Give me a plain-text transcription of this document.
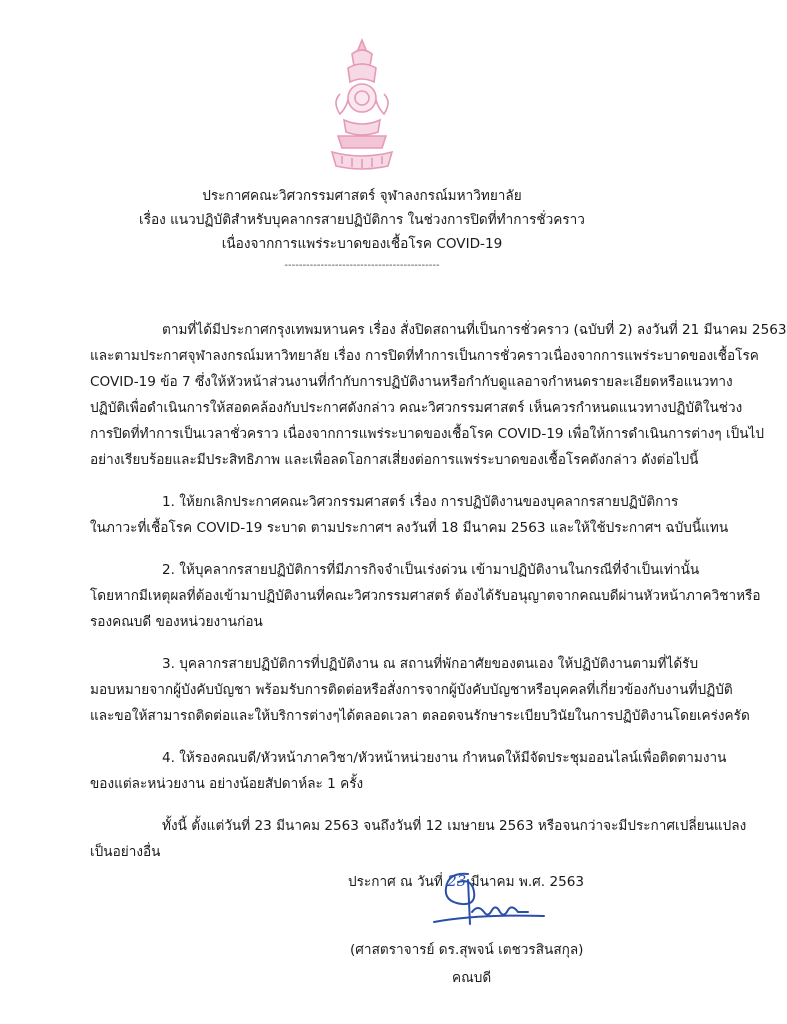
ประกาศคณะวิศวกรรมศาสตร์ จุฬาลงกรณ์มหาวิทยาลัย
เรื่อง แนวปฏิบัติสำหรับบุคลากรสายปฏิบัติการ ในช่วงการปิดที่ทำการชั่วคราว
เนื่องจากการแพร่ระบาดของเชื้อโรค COVID-19
-------------------------------------------
ตามที่ได้มีประกาศกรุงเทพมหานคร เรื่อง สั่งปิดสถานที่เป็นการชั่วคราว (ฉบับที่ 2) ลงวันที่ 21 มีนาคม 2563
และตามประกาศจุฬาลงกรณ์มหาวิทยาลัย เรื่อง การปิดที่ทำการเป็นการชั่วคราวเนื่องจากการแพร่ระบาดของเชื้อโรค
COVID-19 ข้อ 7 ซึ่งให้หัวหน้าส่วนงานที่กำกับการปฏิบัติงานหรือกำกับดูแลอาจกำหนดรายละเอียดหรือแนวทาง
ปฏิบัติเพื่อดำเนินการให้สอดคล้องกับประกาศดังกล่าว คณะวิศวกรรมศาสตร์ เห็นควรกำหนดแนวทางปฏิบัติในช่วง
การปิดที่ทำการเป็นเวลาชั่วคราว เนื่องจากการแพร่ระบาดของเชื้อโรค COVID-19 เพื่อให้การดำเนินการต่างๆ เป็นไป
อย่างเรียบร้อยและมีประสิทธิภาพ และเพื่อลดโอกาสเสี่ยงต่อการแพร่ระบาดของเชื้อโรคดังกล่าว ดังต่อไปนี้
1. ให้ยกเลิกประกาศคณะวิศวกรรมศาสตร์ เรื่อง การปฏิบัติงานของบุคลากรสายปฏิบัติการ
ในภาวะที่เชื้อโรค COVID-19 ระบาด ตามประกาศฯ ลงวันที่ 18 มีนาคม 2563 และให้ใช้ประกาศฯ ฉบับนี้แทน
2. ให้บุคลากรสายปฏิบัติการที่มีภารกิจจำเป็นเร่งด่วน เข้ามาปฏิบัติงานในกรณีที่จำเป็นเท่านั้น
โดยหากมีเหตุผลที่ต้องเข้ามาปฏิบัติงานที่คณะวิศวกรรมศาสตร์ ต้องได้รับอนุญาตจากคณบดีผ่านหัวหน้าภาควิชาหรือ
รองคณบดี ของหน่วยงานก่อน
3. บุคลากรสายปฏิบัติการที่ปฏิบัติงาน ณ สถานที่พักอาศัยของตนเอง ให้ปฏิบัติงานตามที่ได้รับ
มอบหมายจากผู้บังคับบัญชา พร้อมรับการติดต่อหรือสั่งการจากผู้บังคับบัญชาหรือบุคคลที่เกี่ยวข้องกับงานที่ปฏิบัติ
และขอให้สามารถติดต่อและให้บริการต่างๆได้ตลอดเวลา ตลอดจนรักษาระเบียบวินัยในการปฏิบัติงานโดยเคร่งครัด
4. ให้รองคณบดี/หัวหน้าภาควิชา/หัวหน้าหน่วยงาน กำหนดให้มีจัดประชุมออนไลน์เพื่อติดตามงาน
ของแต่ละหน่วยงาน อย่างน้อยสัปดาห์ละ 1 ครั้ง
ทั้งนี้ ตั้งแต่วันที่ 23 มีนาคม 2563 จนถึงวันที่ 12 เมษายน 2563 หรือจนกว่าจะมีประกาศเปลี่ยนแปลง
เป็นอย่างอื่น
ประกาศ ณ วันที่ 23 มีนาคม พ.ศ. 2563
(ศาสตราจารย์ ดร.สุพจน์ เตชวรสินสกุล)
คณบดี
